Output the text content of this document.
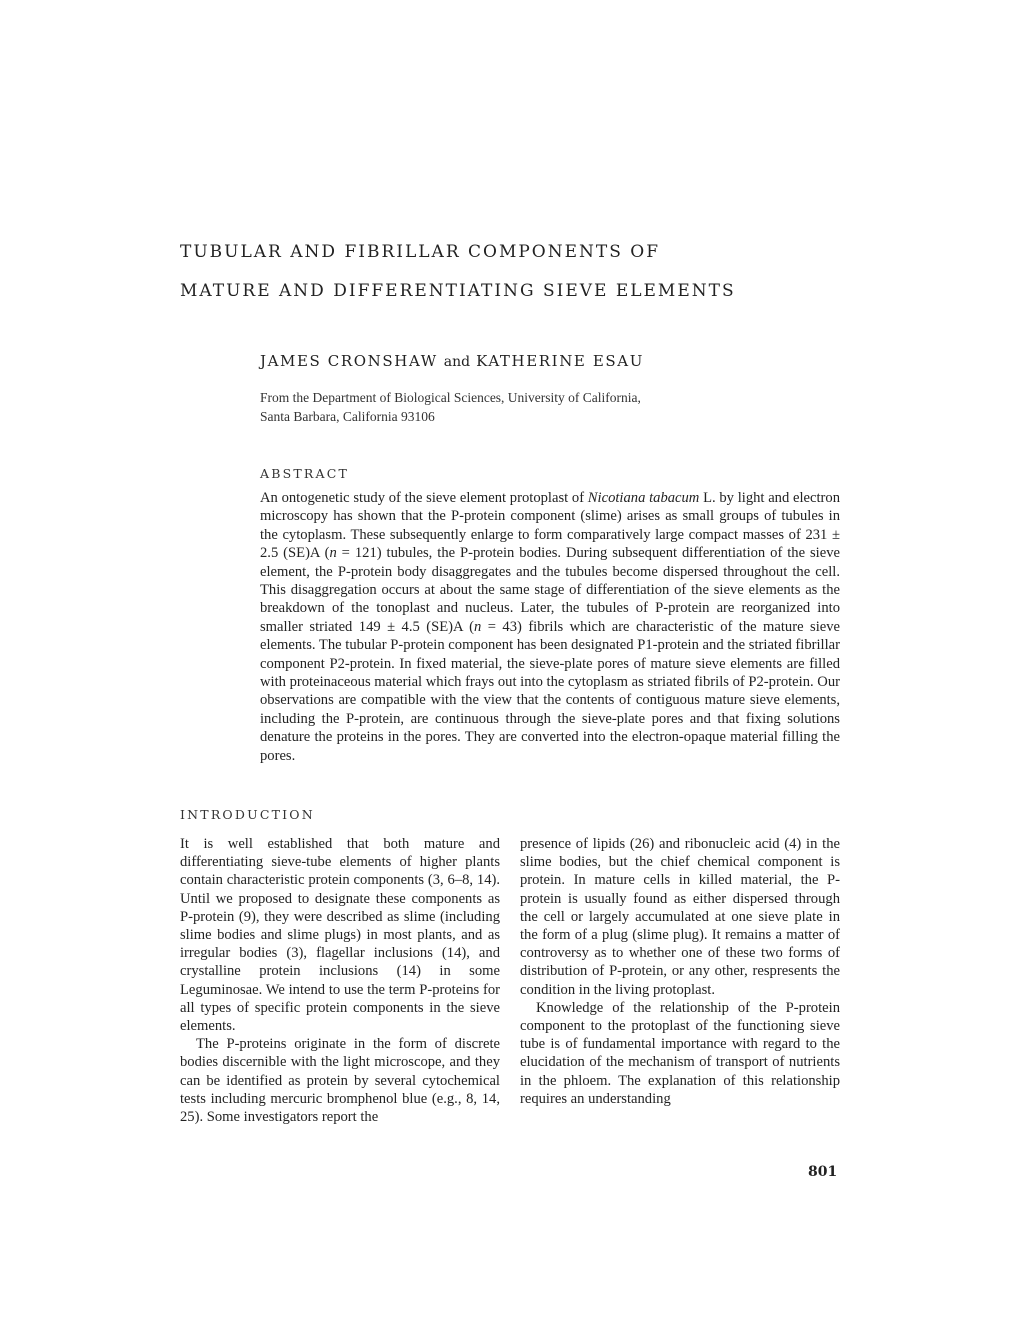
TUBULAR AND FIBRILLAR COMPONENTS OF
MATURE AND DIFFERENTIATING SIEVE ELEMENTS
JAMES CRONSHAW and KATHERINE ESAU
From the Department of Biological Sciences, University of California,
Santa Barbara, California 93106
ABSTRACT
An ontogenetic study of the sieve element protoplast of Nicotiana tabacum L. by light and electron microscopy has shown that the P-protein component (slime) arises as small groups of tubules in the cytoplasm. These subsequently enlarge to form comparatively large compact masses of 231 ± 2.5 (SE)A (n = 121) tubules, the P-protein bodies. During subsequent differentiation of the sieve element, the P-protein body disaggregates and the tubules become dispersed throughout the cell. This disaggregation occurs at about the same stage of differentiation of the sieve elements as the breakdown of the tonoplast and nucleus. Later, the tubules of P-protein are reorganized into smaller striated 149 ± 4.5 (SE)A (n = 43) fibrils which are characteristic of the mature sieve elements. The tubular P-protein component has been designated P1-protein and the striated fibrillar component P2-protein. In fixed material, the sieve-plate pores of mature sieve elements are filled with proteinaceous material which frays out into the cytoplasm as striated fibrils of P2-protein. Our observations are compatible with the view that the contents of contiguous mature sieve elements, including the P-protein, are continuous through the sieve-plate pores and that fixing solutions denature the proteins in the pores. They are converted into the electron-opaque material filling the pores.
INTRODUCTION

It is well established that both mature and differentiating sieve-tube elements of higher plants contain characteristic protein components (3, 6–8, 14). Until we proposed to designate these components as P-protein (9), they were described as slime (including slime bodies and slime plugs) in most plants, and as irregular bodies (3), flagellar inclusions (14), and crystalline protein inclusions (14) in some Leguminosae. We intend to use the term P-proteins for all types of specific protein components in the sieve elements.

The P-proteins originate in the form of discrete bodies discernible with the light microscope, and they can be identified as protein by several cytochemical tests including mercuric bromphenol blue (e.g., 8, 14, 25). Some investigators report the

presence of lipids (26) and ribonucleic acid (4) in the slime bodies, but the chief chemical component is protein. In mature cells in killed material, the P-protein is usually found as either dispersed through the cell or largely accumulated at one sieve plate in the form of a plug (slime plug). It remains a matter of controversy as to whether one of these two forms of distribution of P-protein, or any other, respresents the condition in the living protoplast.

Knowledge of the relationship of the P-protein component to the protoplast of the functioning sieve tube is of fundamental importance with regard to the elucidation of the mechanism of transport of nutrients in the phloem. The explanation of this relationship requires an understanding

801
